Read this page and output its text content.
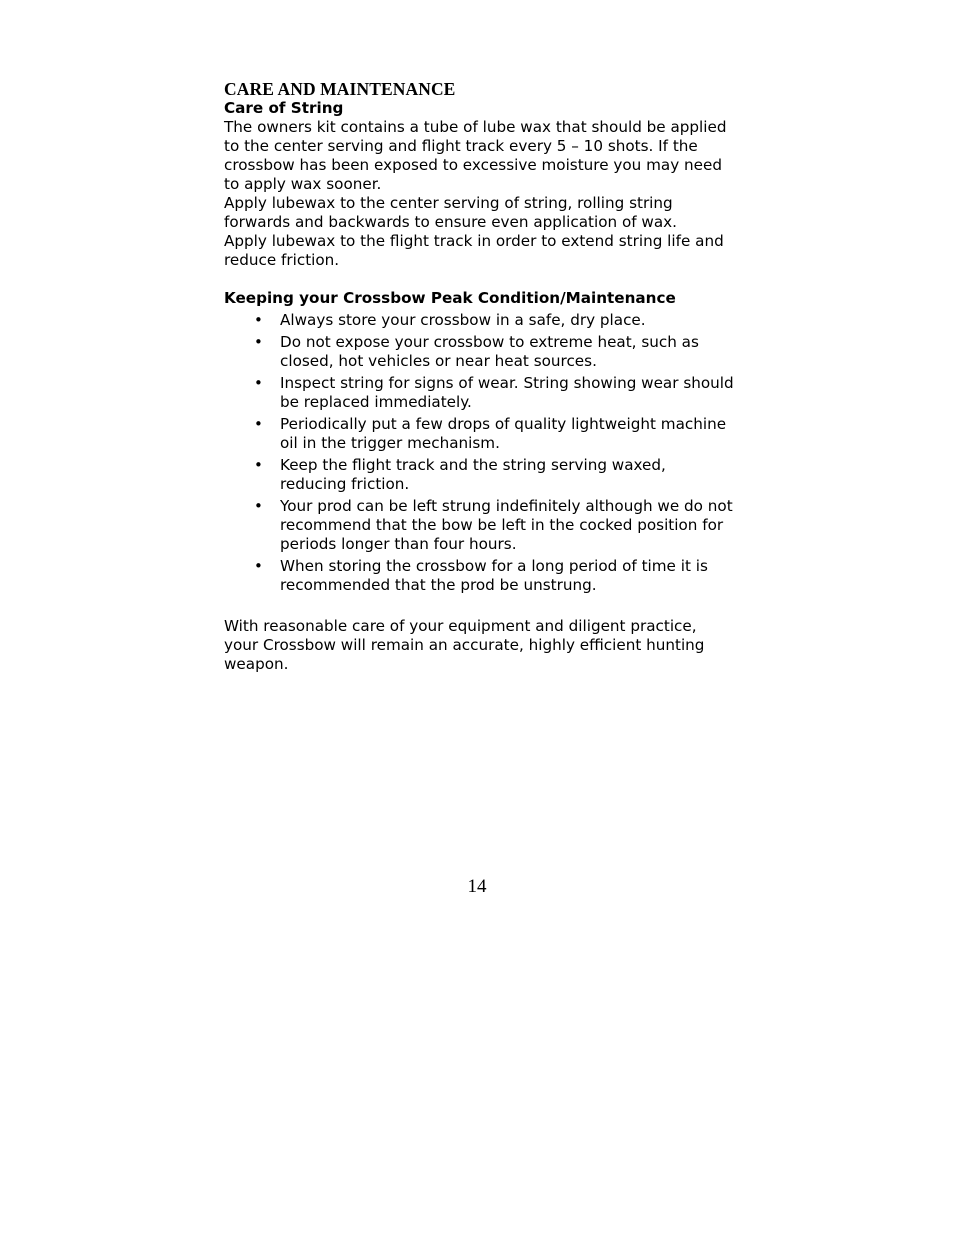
CARE AND MAINTENANCE
Care of String

The owners kit contains a tube of lube wax that should be applied to the center serving and flight track every 5 – 10 shots. If the crossbow has been exposed to excessive moisture you may need to apply wax sooner.

Apply lubewax to the center serving of string, rolling string forwards and backwards to ensure even application of wax.

Apply lubewax to the flight track in order to extend string life and reduce friction.

Keeping your Crossbow Peak Condition/Maintenance
• Always store your crossbow in a safe, dry place.
• Do not expose your crossbow to extreme heat, such as closed, hot vehicles or near heat sources.
• Inspect string for signs of wear. String showing wear should be replaced immediately.
• Periodically put a few drops of quality lightweight machine oil in the trigger mechanism.
• Keep the flight track and the string serving waxed, reducing friction.
• Your prod can be left strung indefinitely although we do not recommend that the bow be left in the cocked position for periods longer than four hours.
• When storing the crossbow for a long period of time it is recommended that the prod be unstrung.

With reasonable care of your equipment and diligent practice, your Crossbow will remain an accurate, highly efficient hunting weapon.

14
